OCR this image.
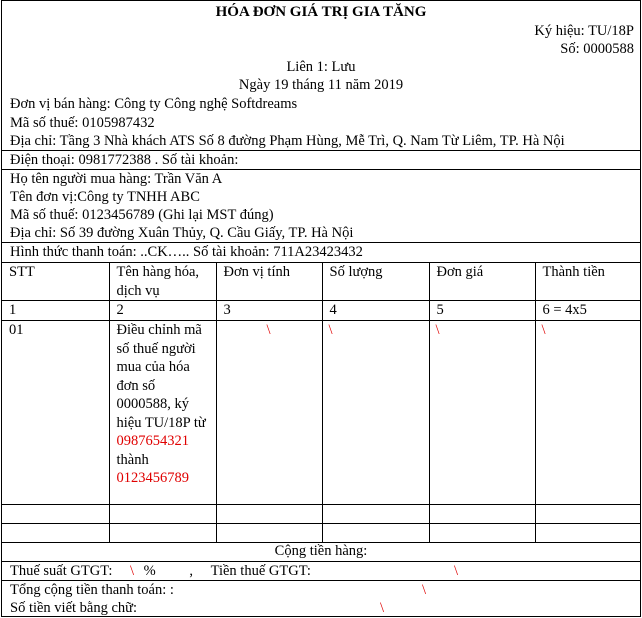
HÓA ĐƠN GIÁ TRỊ GIA TĂNG
Ký hiệu: TU/18P
Số: 0000588
Liên 1: Lưu
Ngày 19 tháng 11 năm 2019
Đơn vị bán hàng: Công ty Công nghệ Softdreams
Mã số thuế: 0105987432
Địa chỉ: Tầng 3 Nhà khách ATS Số 8 đường Phạm Hùng, Mễ Trì, Q. Nam Từ Liêm, TP. Hà Nội
Điện thoại: 0981772388 . Số tài khoản:
Họ tên người mua hàng: Trần Văn A
Tên đơn vị:Công ty TNHH ABC
Mã số thuế: 0123456789 (Ghi lại MST đúng)
Địa chỉ: Số 39 đường Xuân Thủy, Q. Cầu Giấy, TP. Hà Nội
Hình thức thanh toán: ..CK….. Số tài khoản: 711A23423432
STT	Tên hàng hóa, dịch vụ	Đơn vị tính	Số lượng	Đơn giá	Thành tiền
1	2	3	4	5	6 = 4x5
01	Điều chỉnh mã số thuế người mua của hóa đơn số 0000588, ký hiệu TU/18P từ 0987654321 thành 0123456789	\	\	\	\

Cộng tiền hàng:
Thuế suất GTGT: \ % , Tiền thuế GTGT:	\
Tổng cộng tiền thanh toán: :	\
Số tiền viết bằng chữ:	\
